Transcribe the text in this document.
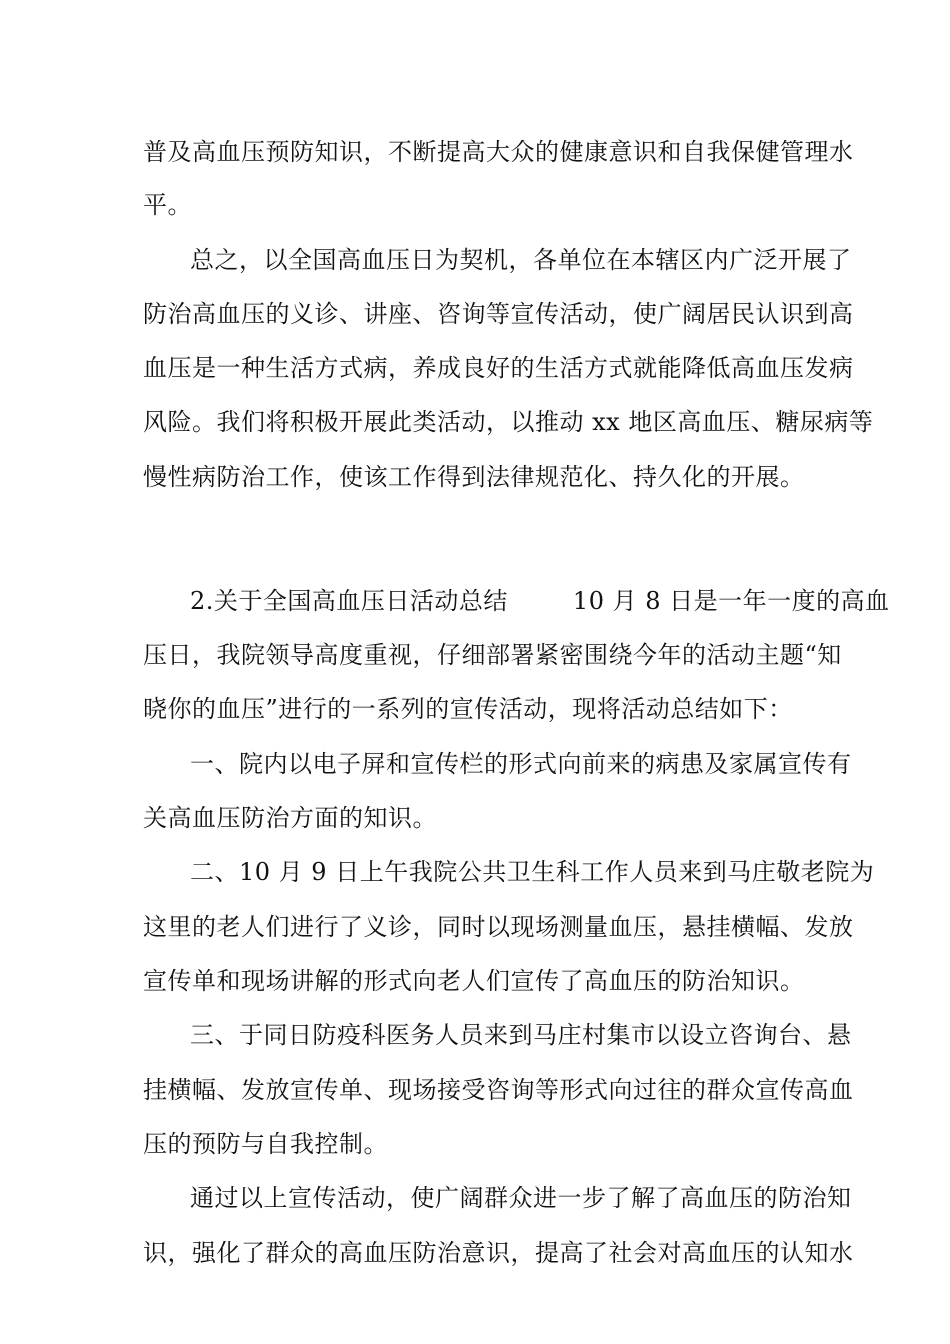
普及高血压预防知识，不断提高大众的健康意识和自我保健管理水
平。
总之，以全国高血压日为契机，各单位在本辖区内广泛开展了
防治高血压的义诊、讲座、咨询等宣传活动，使广阔居民认识到高
血压是一种生活方式病，养成良好的生活方式就能降低高血压发病
风险。我们将积极开展此类活动，以推动 xx 地区高血压、糖尿病等
慢性病防治工作，使该工作得到法律规范化、持久化的开展。
2.关于全国高血压日活动总结        10 月 8 日是一年一度的高血
压日，我院领导高度重视，仔细部署紧密围绕今年的活动主题“知
晓你的血压”进行的一系列的宣传活动，现将活动总结如下：
一、院内以电子屏和宣传栏的形式向前来的病患及家属宣传有
关高血压防治方面的知识。
二、10 月 9 日上午我院公共卫生科工作人员来到马庄敬老院为
这里的老人们进行了义诊，同时以现场测量血压，悬挂横幅、发放
宣传单和现场讲解的形式向老人们宣传了高血压的防治知识。
三、于同日防疫科医务人员来到马庄村集市以设立咨询台、悬
挂横幅、发放宣传单、现场接受咨询等形式向过往的群众宣传高血
压的预防与自我控制。
通过以上宣传活动，使广阔群众进一步了解了高血压的防治知
识，强化了群众的高血压防治意识，提高了社会对高血压的认知水
